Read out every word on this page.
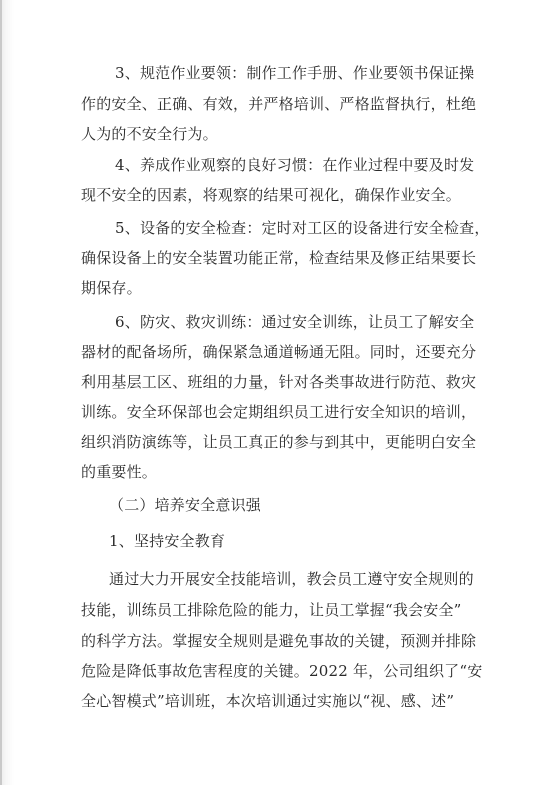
3、规范作业要领：制作工作手册、作业要领书保证操
作的安全、正确、有效，并严格培训、严格监督执行，杜绝
人为的不安全行为。
4、养成作业观察的良好习惯：在作业过程中要及时发
现不安全的因素，将观察的结果可视化，确保作业安全。
5、设备的安全检查：定时对工区的设备进行安全检查，
确保设备上的安全装置功能正常，检查结果及修正结果要长
期保存。
6、防灾、救灾训练：通过安全训练，让员工了解安全
器材的配备场所，确保紧急通道畅通无阻。同时，还要充分
利用基层工区、班组的力量，针对各类事故进行防范、救灾
训练。安全环保部也会定期组织员工进行安全知识的培训，
组织消防演练等，让员工真正的参与到其中，更能明白安全
的重要性。
（二）培养安全意识强
1、坚持安全教育
通过大力开展安全技能培训，教会员工遵守安全规则的
技能，训练员工排除危险的能力，让员工掌握“我会安全”
的科学方法。掌握安全规则是避免事故的关键，预测并排除
危险是降低事故危害程度的关键。2022 年，公司组织了“安
全心智模式”培训班，本次培训通过实施以“视、感、述”
